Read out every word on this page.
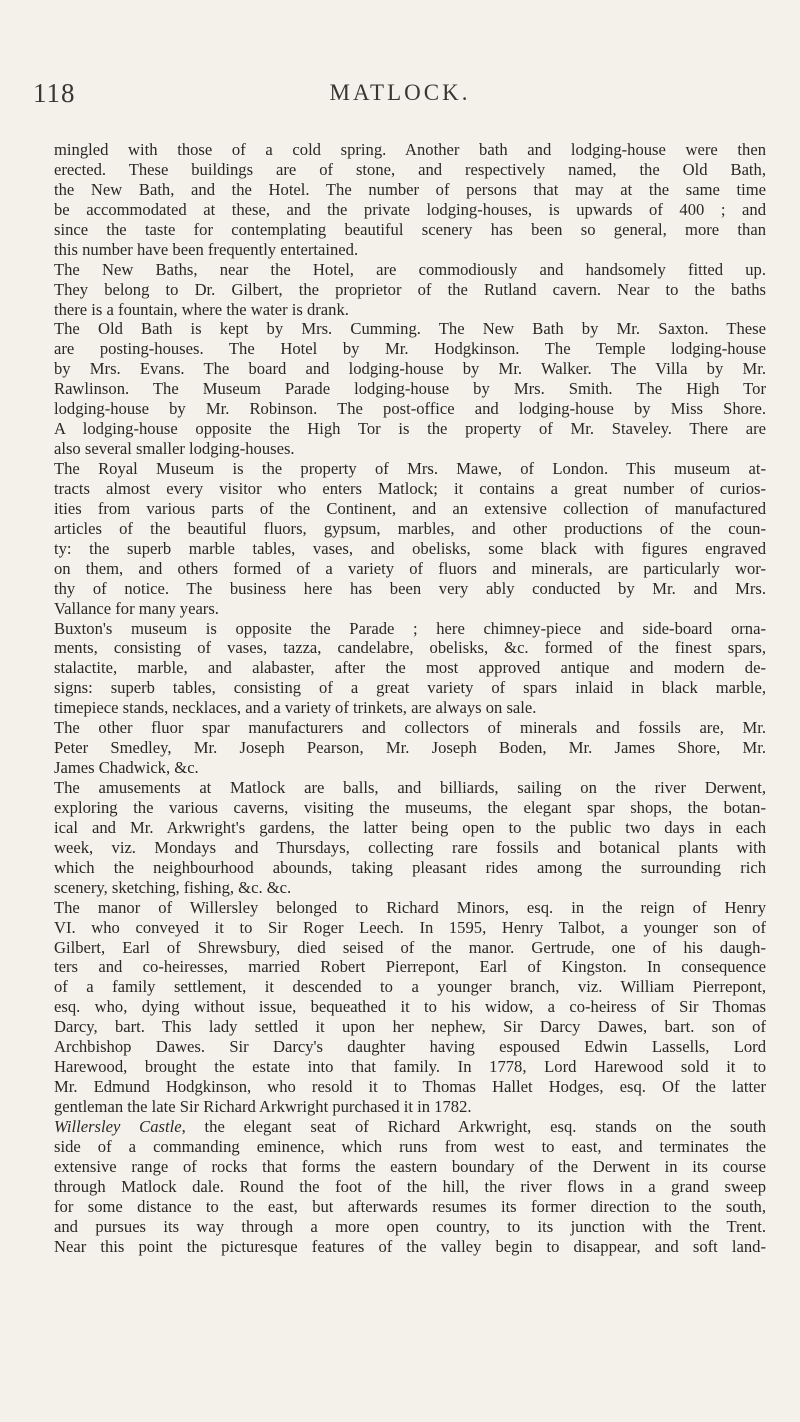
118	MATLOCK.
mingled with those of a cold spring. Another bath and lodging-house were then
erected. These buildings are of stone, and respectively named, the Old Bath,
the New Bath, and the Hotel. The number of persons that may at the same time
be accommodated at these, and the private lodging-houses, is upwards of 400 ; and
since the taste for contemplating beautiful scenery has been so general, more than
this number have been frequently entertained.
The New Baths, near the Hotel, are commodiously and handsomely fitted up.
They belong to Dr. Gilbert, the proprietor of the Rutland cavern. Near to the baths
there is a fountain, where the water is drank.
The Old Bath is kept by Mrs. Cumming. The New Bath by Mr. Saxton. These
are posting-houses. The Hotel by Mr. Hodgkinson. The Temple lodging-house
by Mrs. Evans. The board and lodging-house by Mr. Walker. The Villa by Mr.
Rawlinson. The Museum Parade lodging-house by Mrs. Smith. The High Tor
lodging-house by Mr. Robinson. The post-office and lodging-house by Miss Shore.
A lodging-house opposite the High Tor is the property of Mr. Staveley. There are
also several smaller lodging-houses.
The Royal Museum is the property of Mrs. Mawe, of London. This museum at-
tracts almost every visitor who enters Matlock; it contains a great number of curios-
ities from various parts of the Continent, and an extensive collection of manufactured
articles of the beautiful fluors, gypsum, marbles, and other productions of the coun-
ty: the superb marble tables, vases, and obelisks, some black with figures engraved
on them, and others formed of a variety of fluors and minerals, are particularly wor-
thy of notice. The business here has been very ably conducted by Mr. and Mrs.
Vallance for many years.
Buxton's museum is opposite the Parade ; here chimney-piece and side-board orna-
ments, consisting of vases, tazza, candelabre, obelisks, &c. formed of the finest spars,
stalactite, marble, and alabaster, after the most approved antique and modern de-
signs: superb tables, consisting of a great variety of spars inlaid in black marble,
timepiece stands, necklaces, and a variety of trinkets, are always on sale.
The other fluor spar manufacturers and collectors of minerals and fossils are, Mr.
Peter Smedley, Mr. Joseph Pearson, Mr. Joseph Boden, Mr. James Shore, Mr.
James Chadwick, &c.
The amusements at Matlock are balls, and billiards, sailing on the river Derwent,
exploring the various caverns, visiting the museums, the elegant spar shops, the botan-
ical and Mr. Arkwright's gardens, the latter being open to the public two days in each
week, viz. Mondays and Thursdays, collecting rare fossils and botanical plants with
which the neighbourhood abounds, taking pleasant rides among the surrounding rich
scenery, sketching, fishing, &c. &c.
The manor of Willersley belonged to Richard Minors, esq. in the reign of Henry
VI. who conveyed it to Sir Roger Leech. In 1595, Henry Talbot, a younger son of
Gilbert, Earl of Shrewsbury, died seised of the manor. Gertrude, one of his daugh-
ters and co-heiresses, married Robert Pierrepont, Earl of Kingston. In consequence
of a family settlement, it descended to a younger branch, viz. William Pierrepont,
esq. who, dying without issue, bequeathed it to his widow, a co-heiress of Sir Thomas
Darcy, bart. This lady settled it upon her nephew, Sir Darcy Dawes, bart. son of
Archbishop Dawes. Sir Darcy's daughter having espoused Edwin Lassells, Lord
Harewood, brought the estate into that family. In 1778, Lord Harewood sold it to
Mr. Edmund Hodgkinson, who resold it to Thomas Hallet Hodges, esq. Of the latter
gentleman the late Sir Richard Arkwright purchased it in 1782.
Willersley Castle, the elegant seat of Richard Arkwright, esq. stands on the south
side of a commanding eminence, which runs from west to east, and terminates the
extensive range of rocks that forms the eastern boundary of the Derwent in its course
through Matlock dale. Round the foot of the hill, the river flows in a grand sweep
for some distance to the east, but afterwards resumes its former direction to the south,
and pursues its way through a more open country, to its junction with the Trent.
Near this point the picturesque features of the valley begin to disappear, and soft land-
